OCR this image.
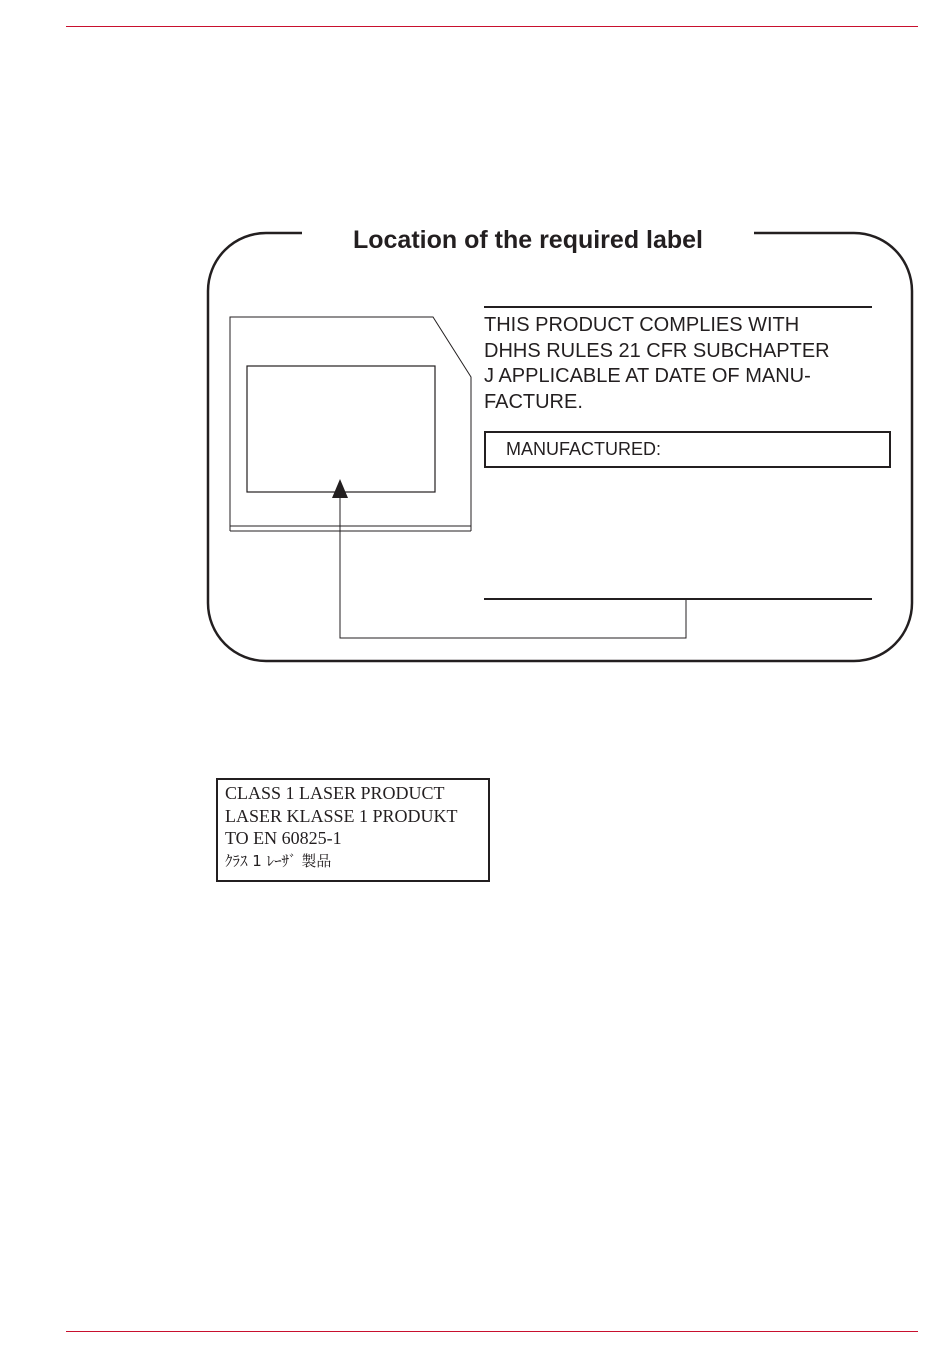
Location of the required label

THIS PRODUCT COMPLIES WITH
DHHS RULES 21 CFR SUBCHAPTER
J APPLICABLE AT DATE OF MANU-
FACTURE.

MANUFACTURED:
CLASS 1 LASER PRODUCT
LASER KLASSE 1 PRODUKT
TO EN 60825-1
ｸﾗｽ 1 ﾚｰｻﾞ 製品
